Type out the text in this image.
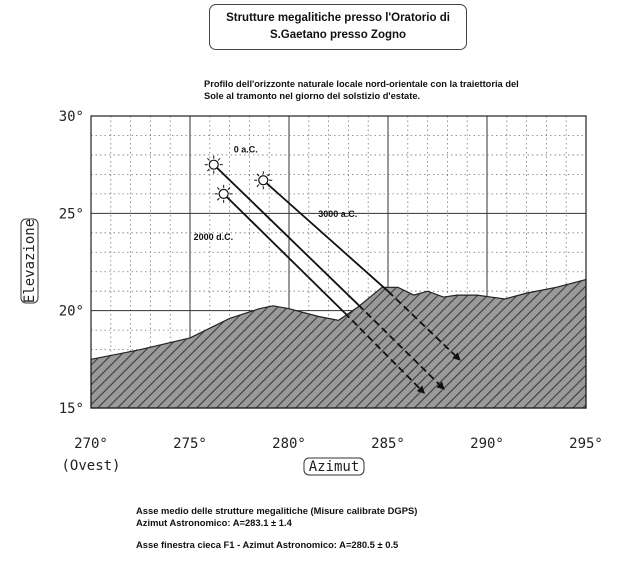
Strutture megalitiche presso l'Oratorio di
S.Gaetano presso Zogno
Profilo dell'orizzonte naturale locale nord-orientale con la traiettoria del
Sole al tramonto nel giorno del solstizio d'estate.
0 a.C.
3000 a.C.
2000 d.C.
270°	275°	280°	285°	290°	295°
(Ovest)
15°
20°
25°
30°
Azimut
Elevazione
Asse medio delle strutture megalitiche (Misure calibrate DGPS)
Azimut Astronomico: A=283.1 ± 1.4
Asse finestra cieca F1 - Azimut Astronomico: A=280.5 ± 0.5
